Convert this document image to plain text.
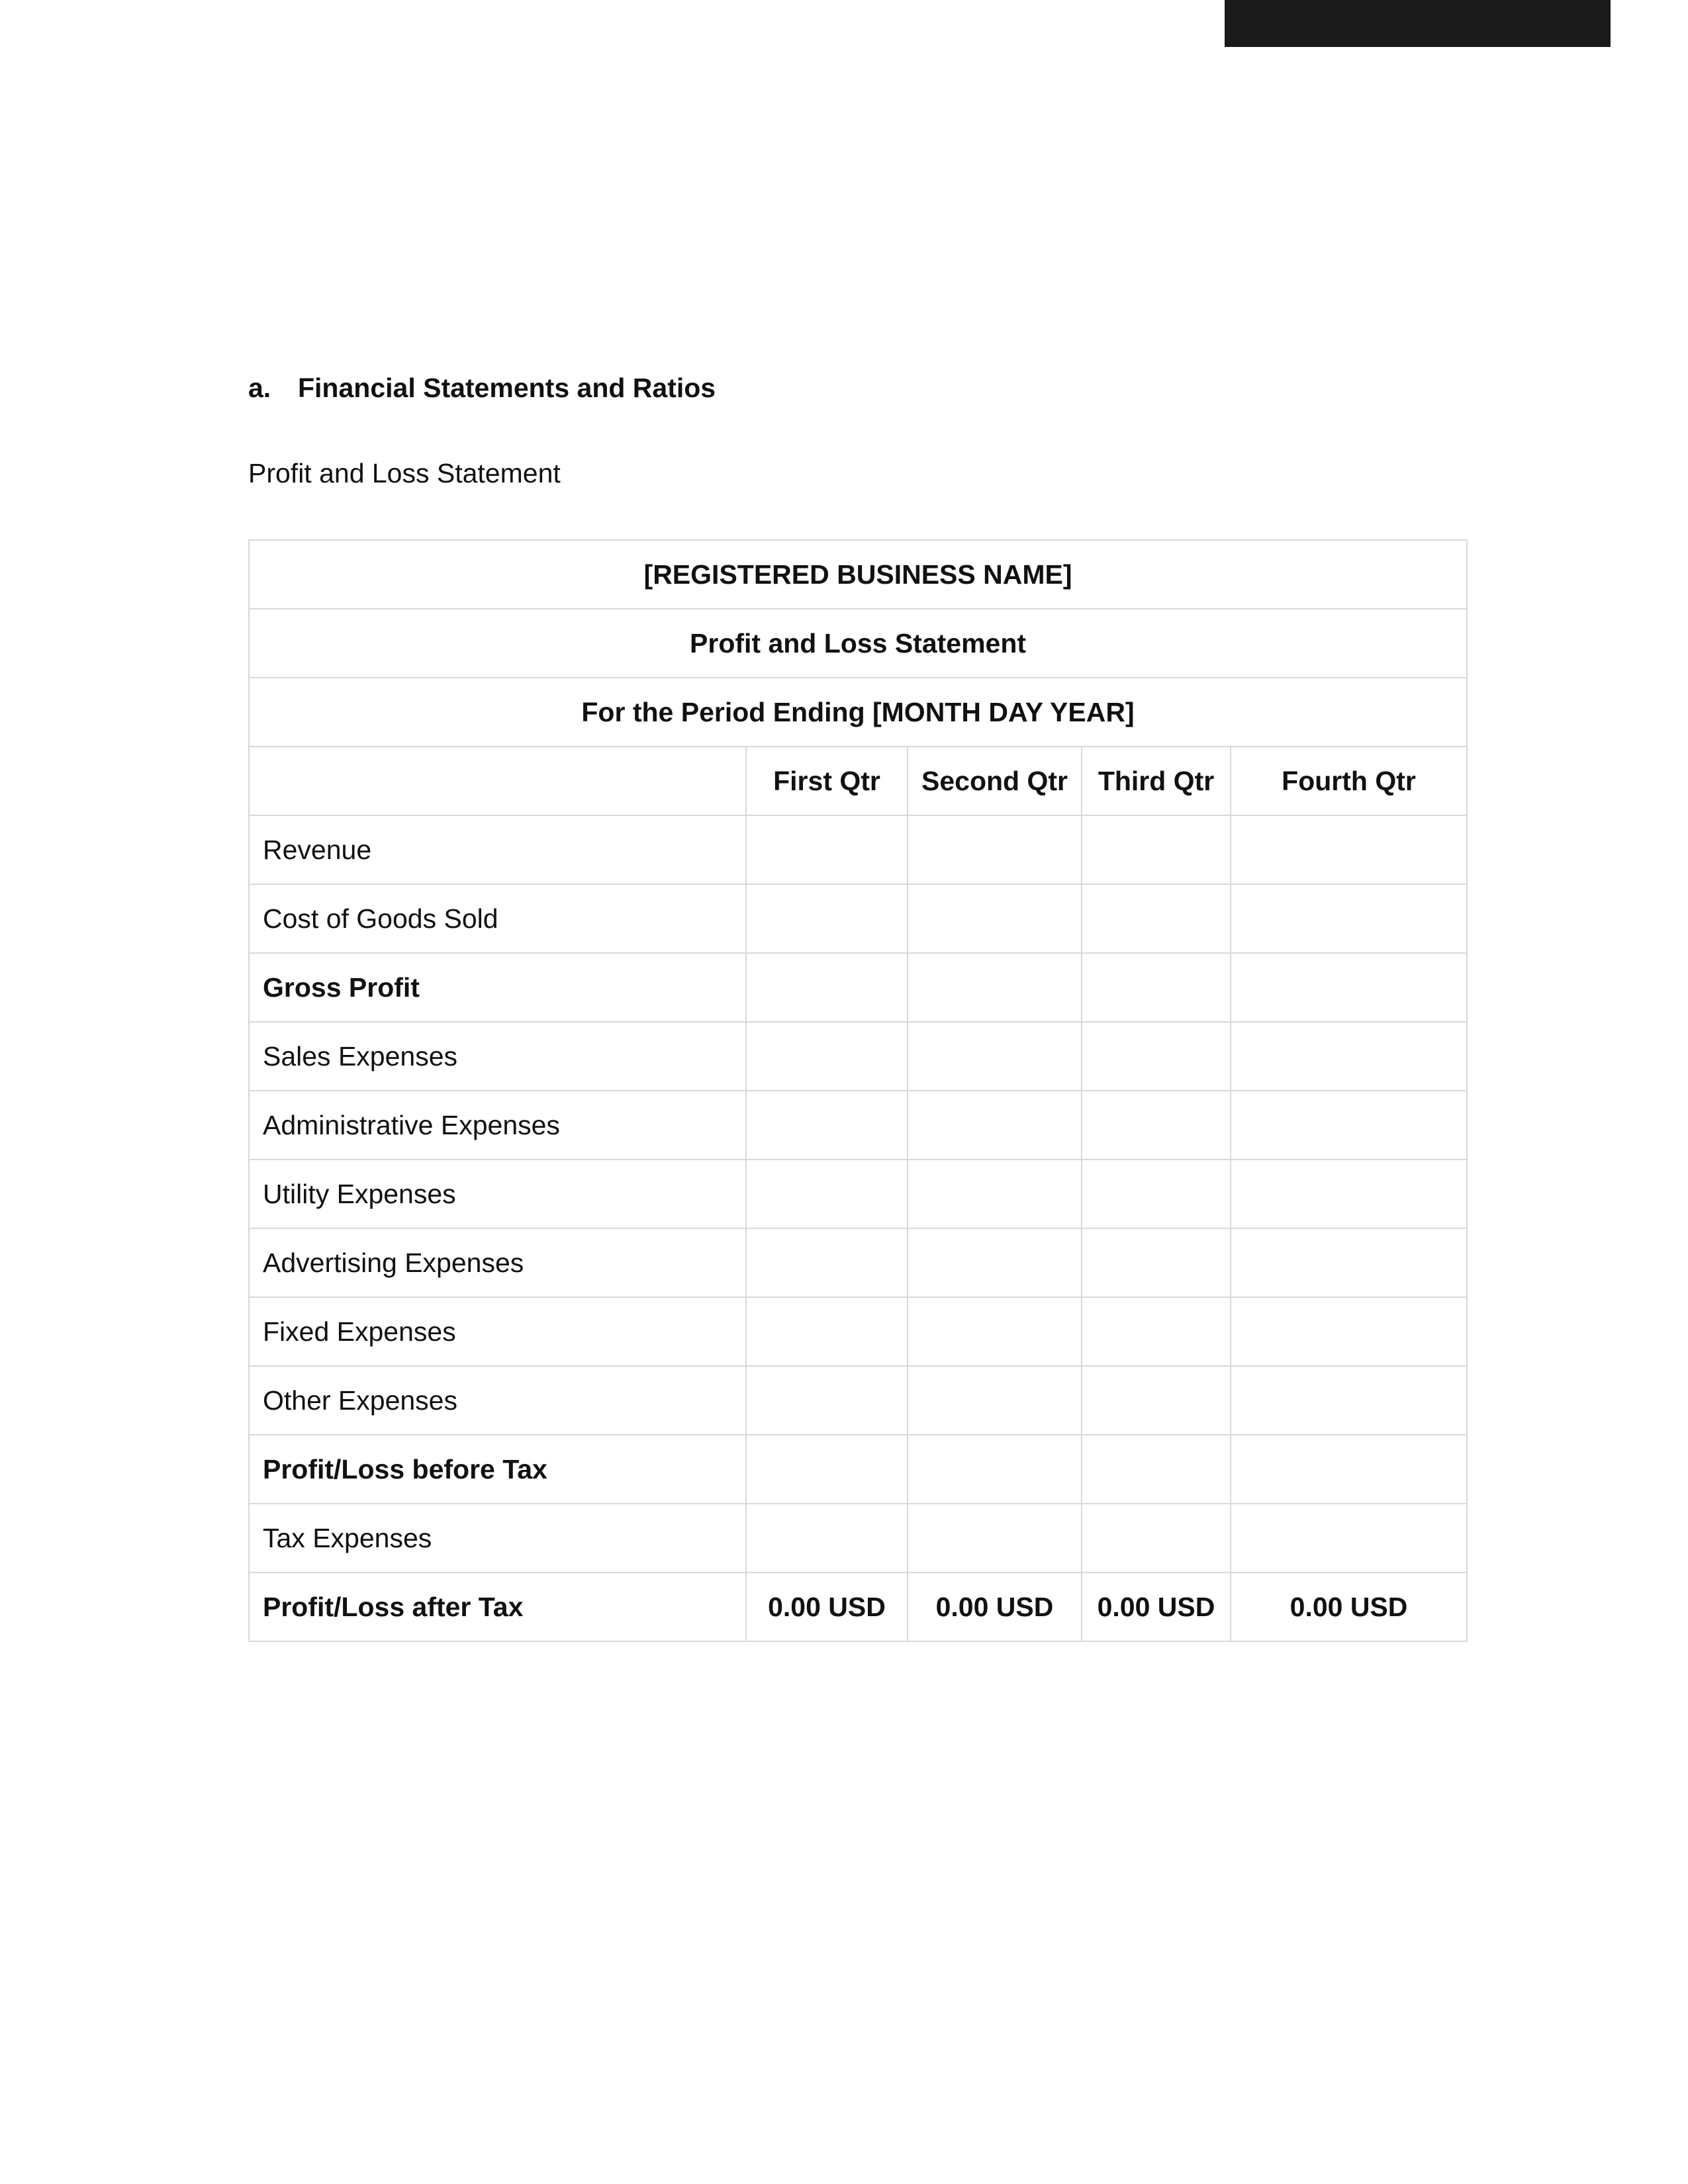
a. Financial Statements and Ratios
Profit and Loss Statement
[REGISTERED BUSINESS NAME]				
Profit and Loss Statement				
For the Period Ending [MONTH DAY YEAR]				
	First Qtr	Second Qtr	Third Qtr	Fourth Qtr
Revenue				
Cost of Goods Sold				
Gross Profit				
Sales Expenses				
Administrative Expenses				
Utility Expenses				
Advertising Expenses				
Fixed Expenses				
Other Expenses				
Profit/Loss before Tax				
Tax Expenses				
Profit/Loss after Tax	0.00 USD	0.00 USD	0.00 USD	0.00 USD
